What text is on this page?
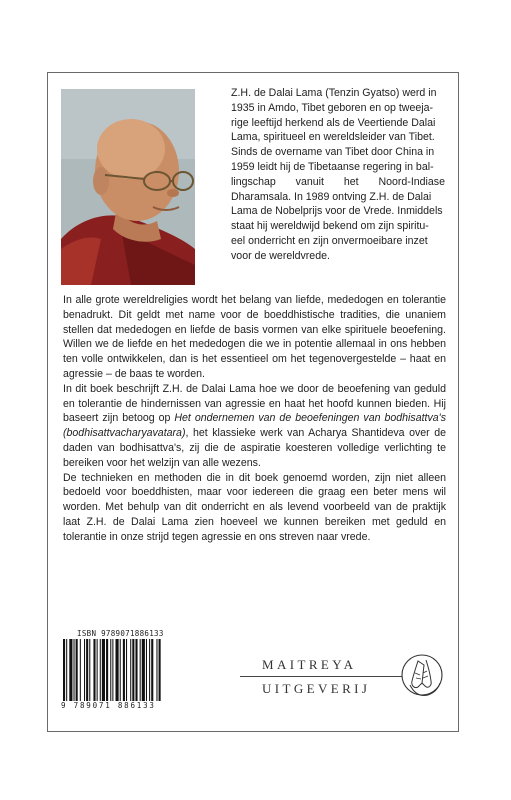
Z.H. de Dalai Lama (Tenzin Gyatso) werd in
1935 in Amdo, Tibet geboren en op tweeja-
rige leeftijd herkend als de Veertiende Dalai
Lama, spiritueel en wereldsleider van Tibet.
Sinds de overname van Tibet door China in
1959 leidt hij de Tibetaanse regering in bal-
lingschap vanuit het Noord-Indiase
Dharamsala. In 1989 ontving Z.H. de Dalai
Lama de Nobelprijs voor de Vrede. Inmiddels
staat hij wereldwijd bekend om zijn spiritu-
eel onderricht en zijn onvermoeibare inzet
voor de wereldvrede.

In alle grote wereldreligies wordt het belang van liefde, mededogen en tolerantie benadrukt. Dit geldt met name voor de boeddhistische tradities, die unaniem stellen dat mededogen en liefde de basis vormen van elke spirituele beoefening. Willen we de liefde en het mededogen die we in potentie allemaal in ons hebben ten volle ontwikkelen, dan is het essentieel om het tegenovergestelde – haat en agressie – de baas te worden.

In dit boek beschrijft Z.H. de Dalai Lama hoe we door de beoefening van geduld en tolerantie de hindernissen van agressie en haat het hoofd kunnen bieden. Hij baseert zijn betoog op Het ondernemen van de beoefeningen van bodhisattva's (bodhisattvacharyavatara), het klassieke werk van Acharya Shantideva over de daden van bodhisattva's, zij die de aspiratie koesteren volledige verlichting te bereiken voor het welzijn van alle wezens.

De technieken en methoden die in dit boek genoemd worden, zijn niet alleen bedoeld voor boeddhisten, maar voor iedereen die graag een beter mens wil worden. Met behulp van dit onderricht en als levend voorbeeld van de praktijk laat Z.H. de Dalai Lama zien hoeveel we kunnen bereiken met geduld en tolerantie in onze strijd tegen agressie en ons streven naar vrede.

ISBN 9789071886133
9 789071 886133
MAITREYA
UITGEVERIJ
